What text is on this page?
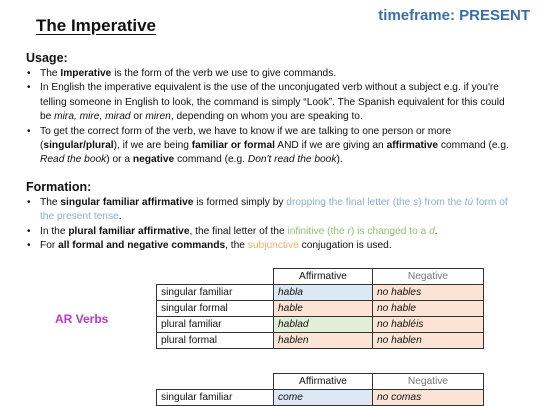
The Imperative
timeframe: PRESENT
Usage:
• The Imperative is the form of the verb we use to give commands.
• In English the imperative equivalent is the use of the unconjugated verb without a subject e.g. if you're telling someone in English to look, the command is simply “Look”. The Spanish equivalent for this could be mira, mire, mirad or miren, depending on whom you are speaking to.
• To get the correct form of the verb, we have to know if we are talking to one person or more (singular/plural), if we are being familiar or formal AND if we are giving an affirmative command (e.g. Read the book) or a negative command (e.g. Don't read the book).
Formation:
• The singular familiar affirmative is formed simply by dropping the final letter (the s) from the tú form of the present tense.
• In the plural familiar affirmative, the final letter of the infinitive (the r) is changed to a d.
• For all formal and negative commands, the subjunctive conjugation is used.
AR Verbs
	Affirmative	Negative
singular familiar	habla	no hables
singular formal	hable	no hable
plural familiar	hablad	no habléis
plural formal	hablen	no hablen
	Affirmative	Negative
singular familiar	come	no comas
